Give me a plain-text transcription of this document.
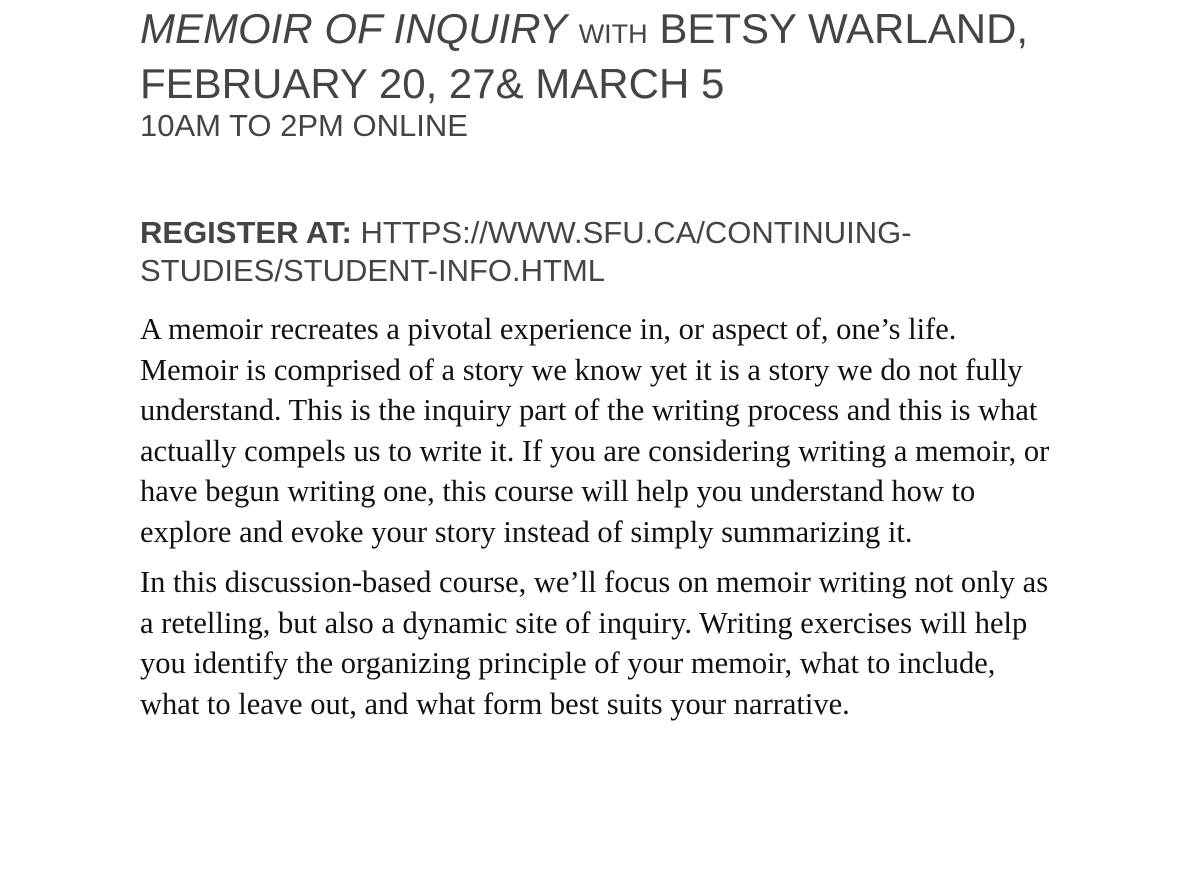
MEMOIR OF INQUIRY WITH BETSY WARLAND, FEBRUARY 20, 27& MARCH 5

10AM TO 2PM ONLINE

REGISTER AT: HTTPS://WWW.SFU.CA/CONTINUING-STUDIES/STUDENT-INFO.HTML

A memoir recreates a pivotal experience in, or aspect of, one’s life. Memoir is comprised of a story we know yet it is a story we do not fully understand. This is the inquiry part of the writing process and this is what actually compels us to write it. If you are considering writing a memoir, or have begun writing one, this course will help you understand how to explore and evoke your story instead of simply summarizing it.

In this discussion-based course, we’ll focus on memoir writing not only as a retelling, but also a dynamic site of inquiry. Writing exercises will help you identify the organizing principle of your memoir, what to include, what to leave out, and what form best suits your narrative.
